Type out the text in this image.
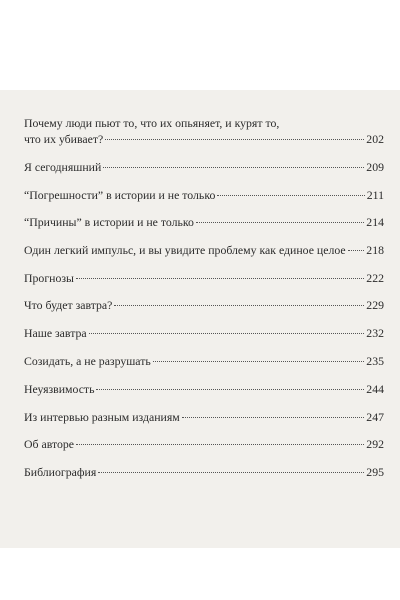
Почему люди пьют то, что их опьяняет, и курят то,
что их убивает?	202
Я сегодняшний	209
“Погрешности” в истории и не только	211
“Причины” в истории и не только	214
Один легкий импульс, и вы увидите проблему как единое целое 218
Прогнозы	222
Что будет завтра?	229
Наше завтра	232
Созидать, а не разрушать	235
Неуязвимость	244
Из интервью разным изданиям	247
Об авторе	292
Библиография	295
